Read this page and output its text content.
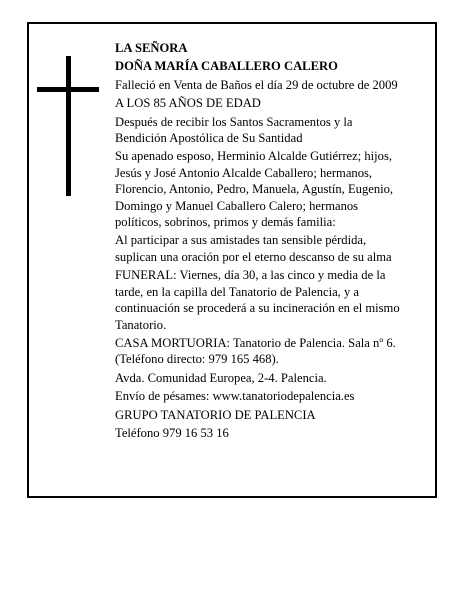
LA SEÑORA

DOÑA MARÍA CABALLERO CALERO

Falleció en Venta de Baños el día 29 de octubre de 2009

A LOS 85 AÑOS DE EDAD

Después de recibir los Santos Sacramentos y la Bendición Apostólica de Su Santidad

Su apenado esposo, Herminio Alcalde Gutiérrez; hijos, Jesús y José Antonio Alcalde Caballero; hermanos, Florencio, Antonio, Pedro, Manuela, Agustín, Eugenio, Domingo y Manuel Caballero Calero; hermanos políticos, sobrinos, primos y demás familia:

Al participar a sus amistades tan sensible pérdida, suplican una oración por el eterno descanso de su alma

FUNERAL: Viernes, día 30, a las cinco y media de la tarde, en la capilla del Tanatorio de Palencia, y a continuación se procederá a su incineración en el mismo Tanatorio.

CASA MORTUORIA: Tanatorio de Palencia. Sala nº 6. (Teléfono directo: 979 165 468).

Avda. Comunidad Europea, 2-4. Palencia.

Envío de pésames: www.tanatoriodepalencia.es

GRUPO TANATORIO DE PALENCIA

Teléfono 979 16 53 16
